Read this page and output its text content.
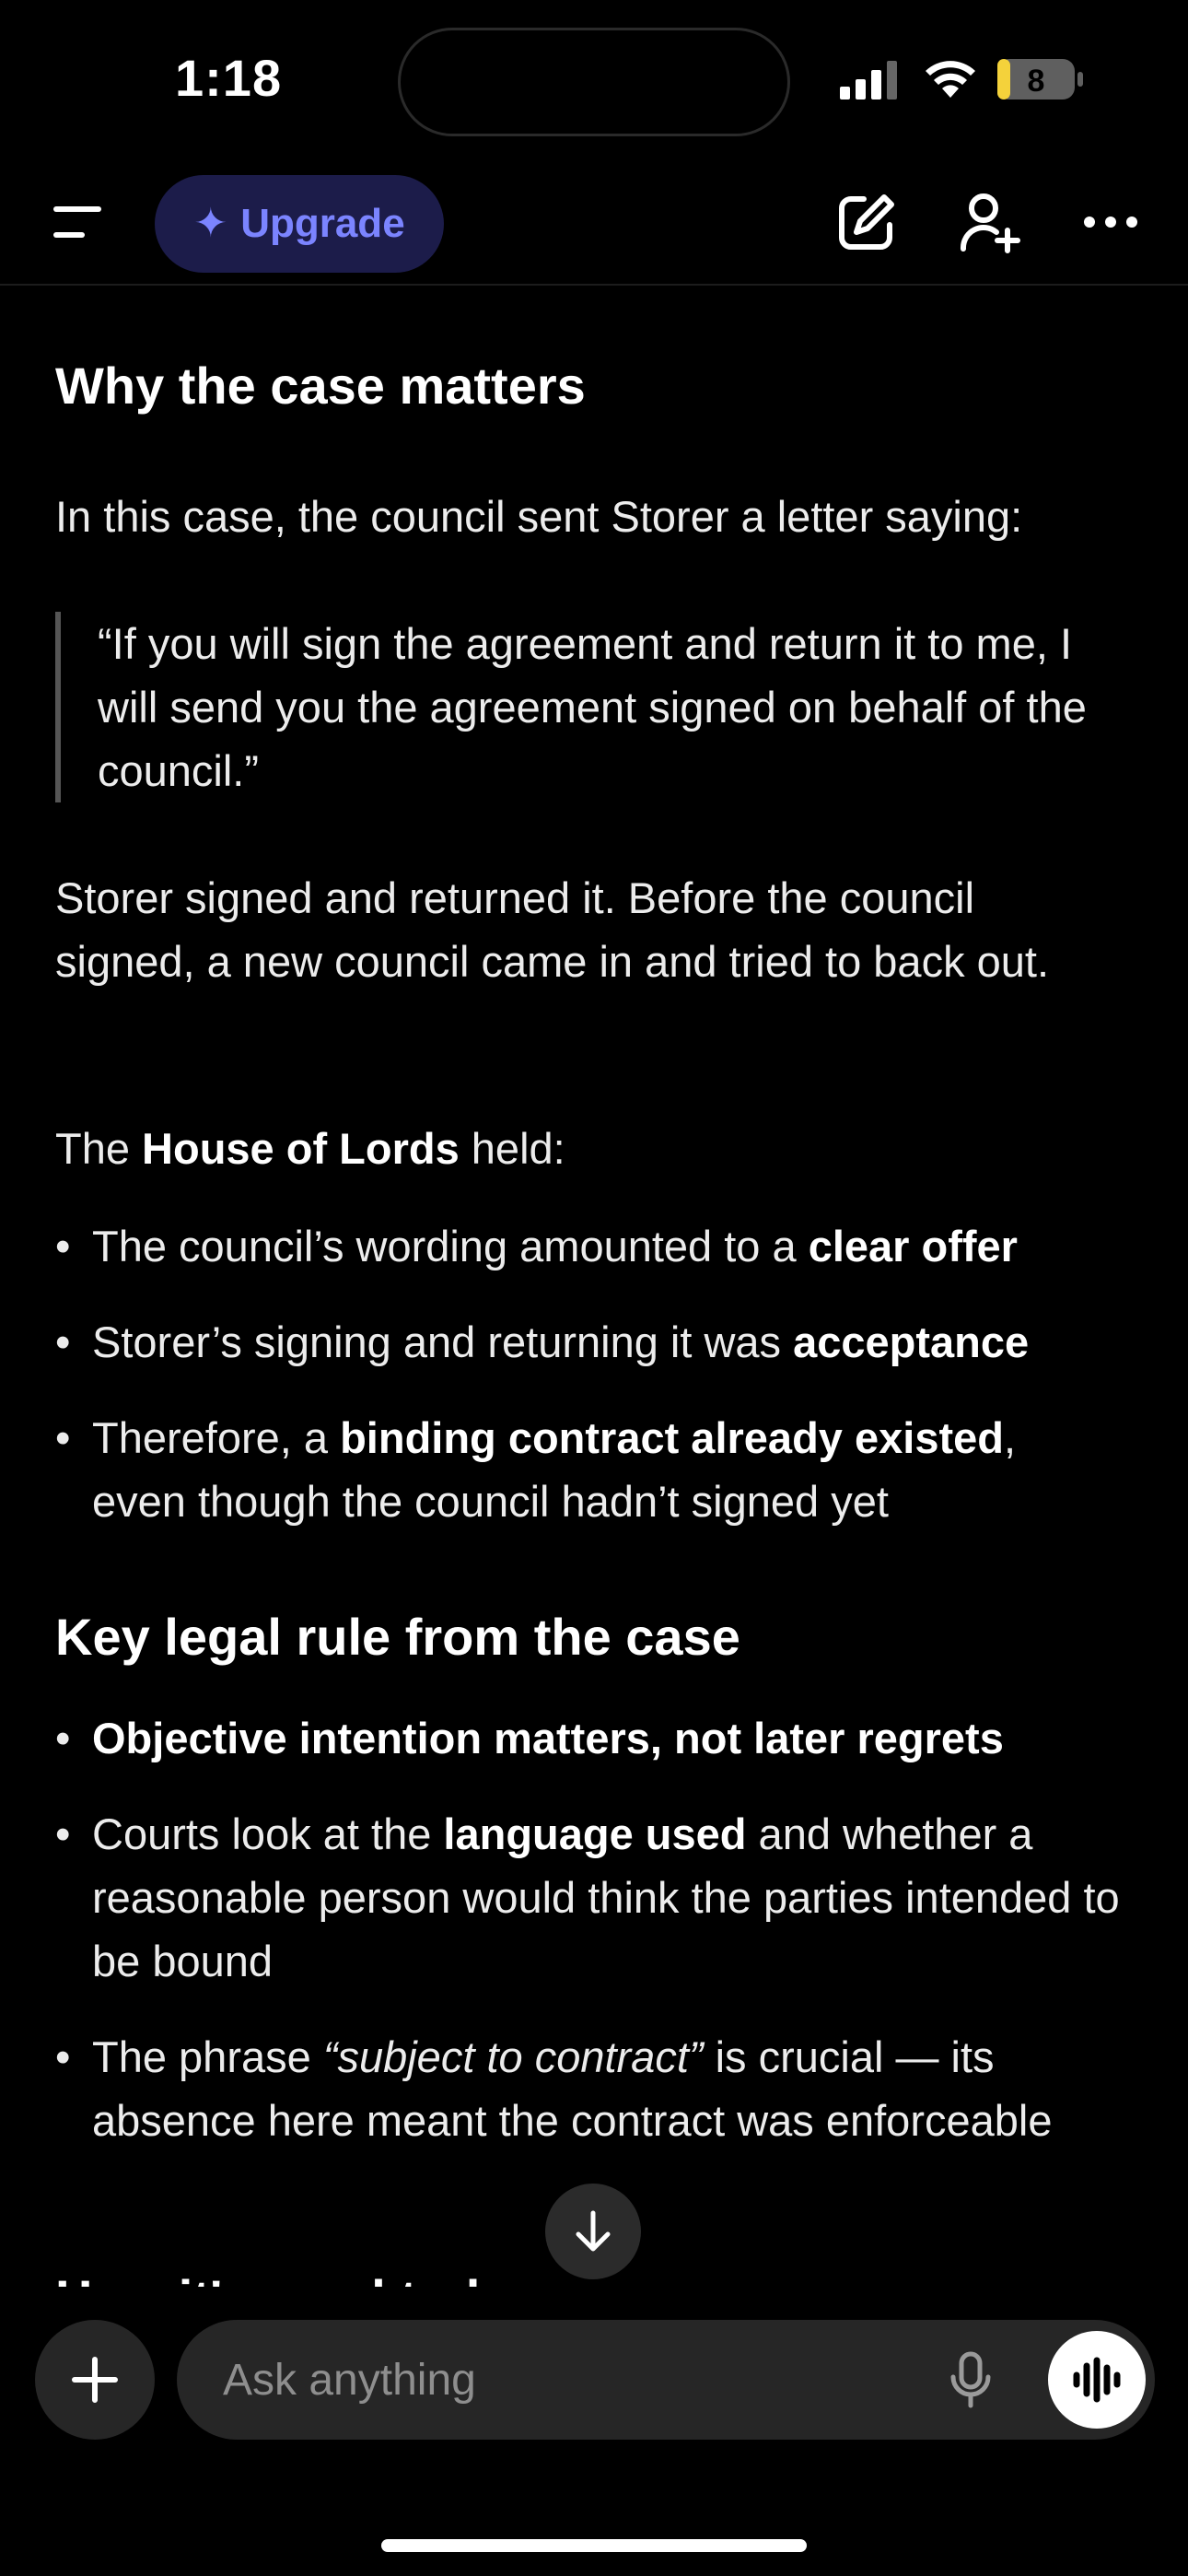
1:18	8
✦ Upgrade
Why the case matters
In this case, the council sent Storer a letter saying:
“If you will sign the agreement and return it to me, I will send you the agreement signed on behalf of the council.”
Storer signed and returned it. Before the council signed, a new council came in and tried to back out.
The House of Lords held:
• The council’s wording amounted to a clear offer
• Storer’s signing and returning it was acceptance
• Therefore, a binding contract already existed, even though the council hadn’t signed yet
Key legal rule from the case
• Objective intention matters, not later regrets
• Courts look at the language used and whether a reasonable person would think the parties intended to be bound
• The phrase “subject to contract” is crucial — its absence here meant the contract was enforceable
Ask anything
